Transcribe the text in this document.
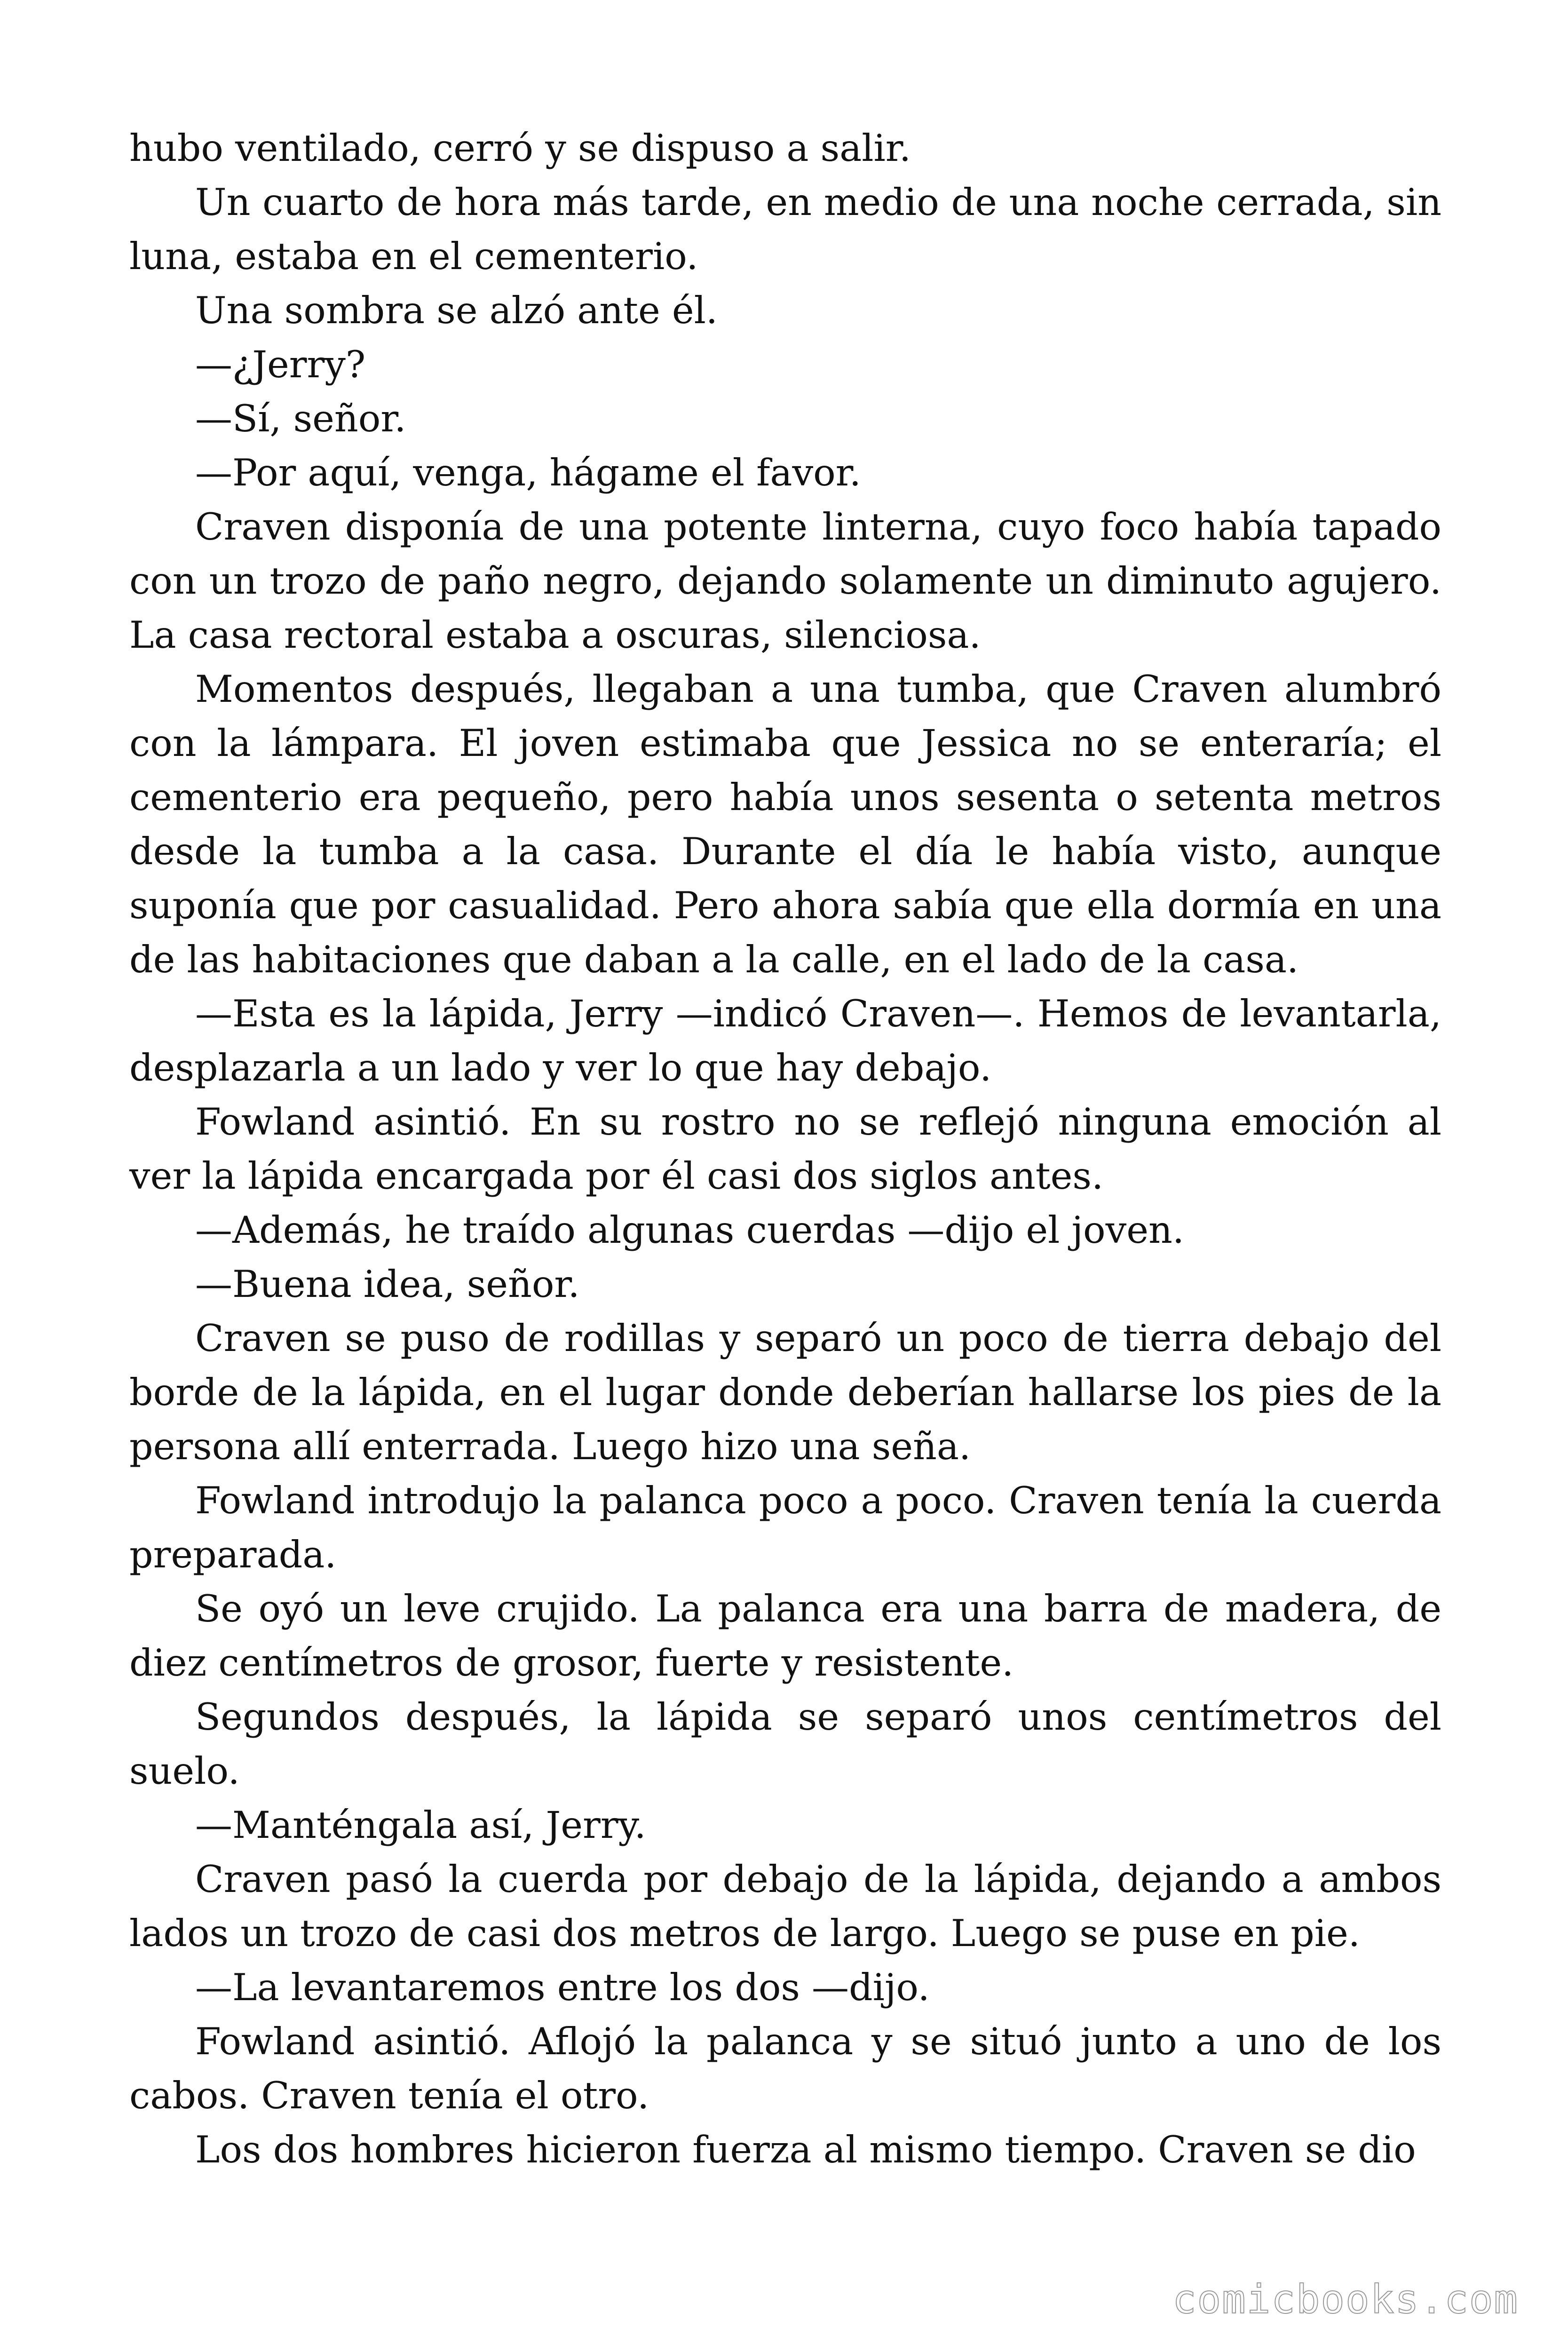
hubo ventilado, cerró y se dispuso a salir.

Un cuarto de hora más tarde, en medio de una noche cerrada, sin luna, estaba en el cementerio.

Una sombra se alzó ante él.

—¿Jerry?

—Sí, señor.

—Por aquí, venga, hágame el favor.

Craven disponía de una potente linterna, cuyo foco había tapado con un trozo de paño negro, dejando solamente un diminuto agujero. La casa rectoral estaba a oscuras, silenciosa.

Momentos después, llegaban a una tumba, que Craven alumbró con la lámpara. El joven estimaba que Jessica no se enteraría; el cementerio era pequeño, pero había unos sesenta o setenta metros desde la tumba a la casa. Durante el día le había visto, aunque suponía que por casualidad. Pero ahora sabía que ella dormía en una de las habitaciones que daban a la calle, en el lado de la casa.

—Esta es la lápida, Jerry —indicó Craven—. Hemos de levantarla, desplazarla a un lado y ver lo que hay debajo.

Fowland asintió. En su rostro no se reflejó ninguna emoción al ver la lápida encargada por él casi dos siglos antes.

—Además, he traído algunas cuerdas —dijo el joven.

—Buena idea, señor.

Craven se puso de rodillas y separó un poco de tierra debajo del borde de la lápida, en el lugar donde deberían hallarse los pies de la persona allí enterrada. Luego hizo una seña.

Fowland introdujo la palanca poco a poco. Craven tenía la cuerda preparada.

Se oyó un leve crujido. La palanca era una barra de madera, de diez centímetros de grosor, fuerte y resistente.

Segundos después, la lápida se separó unos centímetros del suelo.

—Manténgala así, Jerry.

Craven pasó la cuerda por debajo de la lápida, dejando a ambos lados un trozo de casi dos metros de largo. Luego se puse en pie.

—La levantaremos entre los dos —dijo.

Fowland asintió. Aflojó la palanca y se situó junto a uno de los cabos. Craven tenía el otro.

Los dos hombres hicieron fuerza al mismo tiempo. Craven se dio

comicbooks.com
